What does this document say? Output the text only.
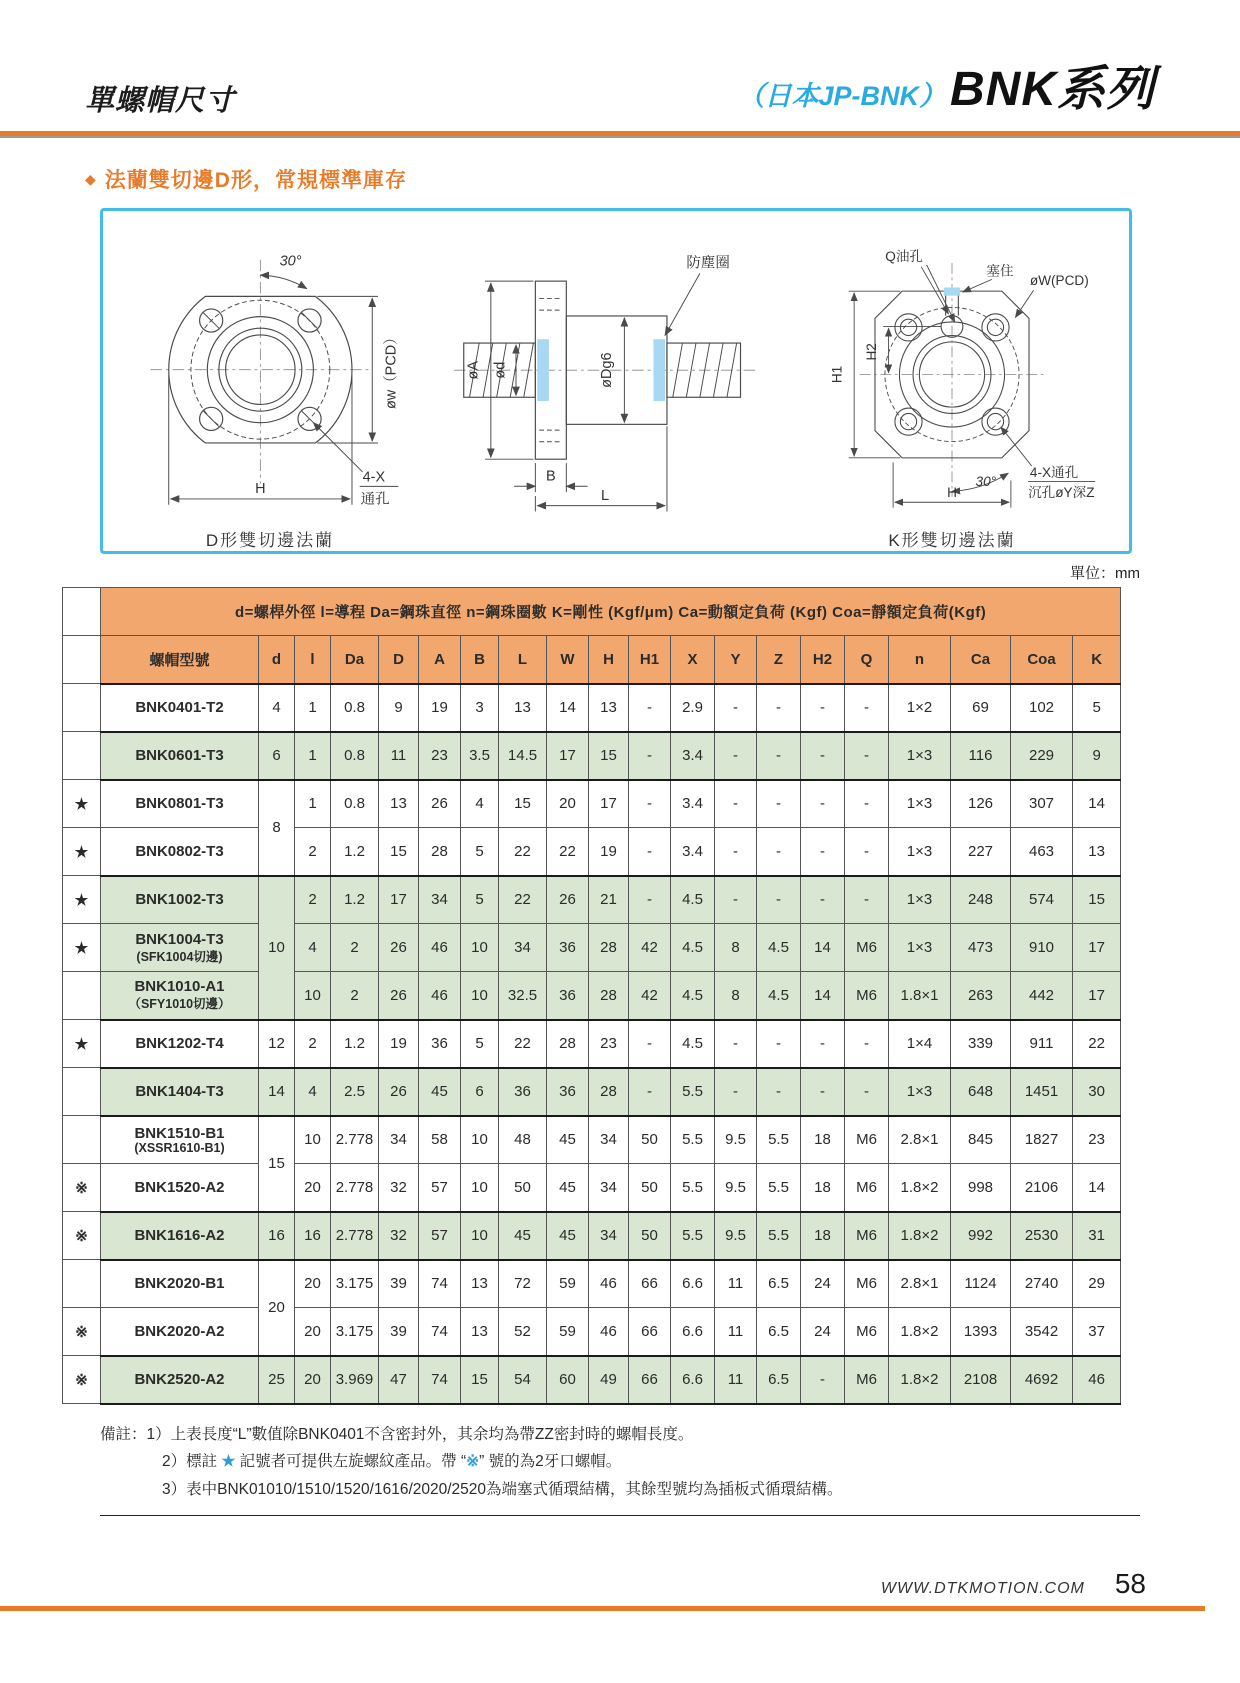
單螺帽尺寸	（日本JP-BNK） BNK系列
◆ 法蘭雙切邊D形，常規標準庫存
30°
øw（PCD）
H
4-X
通孔
D形雙切邊法蘭
øA ød	øDg6
防塵圈
B
L
Q油孔
塞住
øW(PCD)
H1
H2
30°
H
4-X通孔
沉孔øY深Z
K形雙切邊法蘭
單位：mm
	d=螺桿外徑 l=導程 Da=鋼珠直徑 n=鋼珠圈數 K=剛性 (Kgf/μm) Ca=動額定負荷 (Kgf) Coa=靜額定負荷(Kgf)																			
	螺帽型號	d	l	Da	D	A	B	L	W	H	H1	X	Y	Z	H2	Q	n	Ca	Coa	K

	BNK0401-T2	4	1	0.8	9	19	3	13	14	13	-	2.9	-	-	-	-	1×2	69	102	5

	BNK0601-T3	6	1	0.8	11	23	3.5	14.5	17	15	-	3.4	-	-	-	-	1×3	116	229	9
★	BNK0801-T3	8	1	0.8	13	26	4	15	20	17	-	3.4	-	-	-	-	1×3	126	307	14
★	BNK0802-T3		2	1.2	15	28	5	22	22	19	-	3.4	-	-	-	-	1×3	227	463	13
★	BNK1002-T3	10	2	1.2	17	34	5	22	26	21	-	4.5	-	-	-	-	1×3	248	574	15
★	BNK1004-T3
(SFK1004切邊)		4	2	26	46	10	34	36	28	42	4.5	8	4.5	14	M6	1×3	473	910	17

	BNK1010-A1
（SFY1010切邊）		10	2	26	46	10	32.5	36	28	42	4.5	8	4.5	14	M6	1.8×1	263	442	17
★	BNK1202-T4	12	2	1.2	19	36	5	22	28	23	-	4.5	-	-	-	-	1×4	339	911	22

	BNK1404-T3	14	4	2.5	26	45	6	36	36	28	-	5.5	-	-	-	-	1×3	648	1451	30

	BNK1510-B1
(XSSR1610-B1)	15	10	2.778	34	58	10	48	45	34	50	5.5	9.5	5.5	18	M6	2.8×1	845	1827	23
※	BNK1520-A2		20	2.778	32	57	10	50	45	34	50	5.5	9.5	5.5	18	M6	1.8×2	998	2106	14
※	BNK1616-A2	16	16	2.778	32	57	10	45	45	34	50	5.5	9.5	5.5	18	M6	1.8×2	992	2530	31

	BNK2020-B1	20	20	3.175	39	74	13	72	59	46	66	6.6	11	6.5	24	M6	2.8×1	1124	2740	29
※	BNK2020-A2		20	3.175	39	74	13	52	59	46	66	6.6	11	6.5	24	M6	1.8×2	1393	3542	37
※	BNK2520-A2	25	20	3.969	47	74	15	54	60	49	66	6.6	11	6.5	-	M6	1.8×2	2108	4692	46
備註：1）上表長度“L”數值除BNK0401不含密封外，其余均為帶ZZ密封時的螺帽長度。
2）標註 ★ 記號者可提供左旋螺紋產品。帶 “※” 號的為2牙口螺帽。
3）表中BNK01010/1510/1520/1616/2020/2520為端塞式循環結構，其餘型號均為插板式循環結構。
WWW.DTKMOTION.COM 58
